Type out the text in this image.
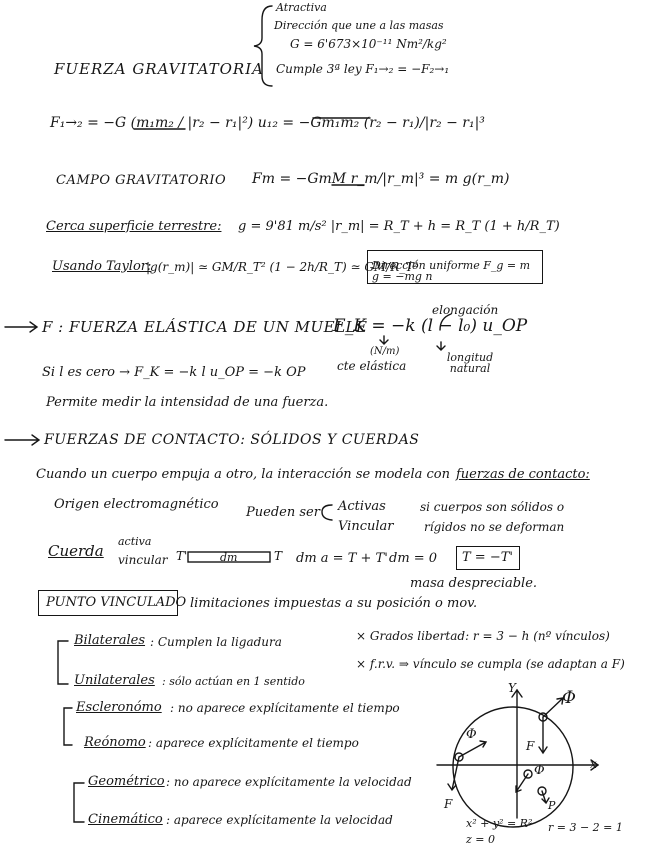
Atractiva
Dirección que une a las masas
G = 6'673×10⁻¹¹ Nm²/kg²
Cumple 3ª ley F₁→₂ = −F₂→₁
FUERZA GRAVITATORIA
F₁→₂ = −G (m₁m₂ / |r₂ − r₁|²) u₁₂ = −Gm₁m₂ (r₂ − r₁)/|r₂ − r₁|³
CAMPO GRAVITATORIO Fm = −GmM r_m/|r_m|³ = m g(r_m)
Cerca superficie terrestre: g = 9'81 m/s² |r_m| = R_T + h = R_T (1 + h/R_T)
Usando Taylor:
|g(r_m)| ≃ GM/R_T² (1 − 2h/R_T) ≃ GM/R_T²
Dirección uniforme F_g = m g = −mg n
F : FUERZA ELÁSTICA DE UN MUELLE
elongación
F_K = −k (l − l₀) u_OP
(N/m)
cte elástica
longitud natural
Si l es cero → F_K = −k l u_OP = −k OP
Permite medir la intensidad de una fuerza.
FUERZAS DE CONTACTO: SÓLIDOS Y CUERDAS
Cuando un cuerpo empuja a otro, la interacción se modela con fuerzas de contacto:
Origen electromagnético
Pueden ser Activas
Vincular
si cuerpos son sólidos o
rígidos no se deforman
Cuerda
activa
vincular T'	dm	T dm a = T + T' dm = 0 T = −T'
masa despreciable.
PUNTO VINCULADO limitaciones impuestas a su posición o mov.
Bilaterales : Cumplen la ligadura
Unilaterales : sólo actúan en 1 sentido
× Grados libertad: r = 3 − h (nº vínculos)
× f.r.v. ⇒ vínculo se cumpla (se adaptan a F)
Escleronómo : no aparece explícitamente el tiempo
Reónomo : aparece explícitamente el tiempo
Geométrico : no aparece explícitamente la velocidad
Cinemático : aparece explícitamente la velocidad
Y
x
Φ
Φ
Φ
F
F	P
x² + y² = R²
z = 0
r = 3 − 2 = 1
